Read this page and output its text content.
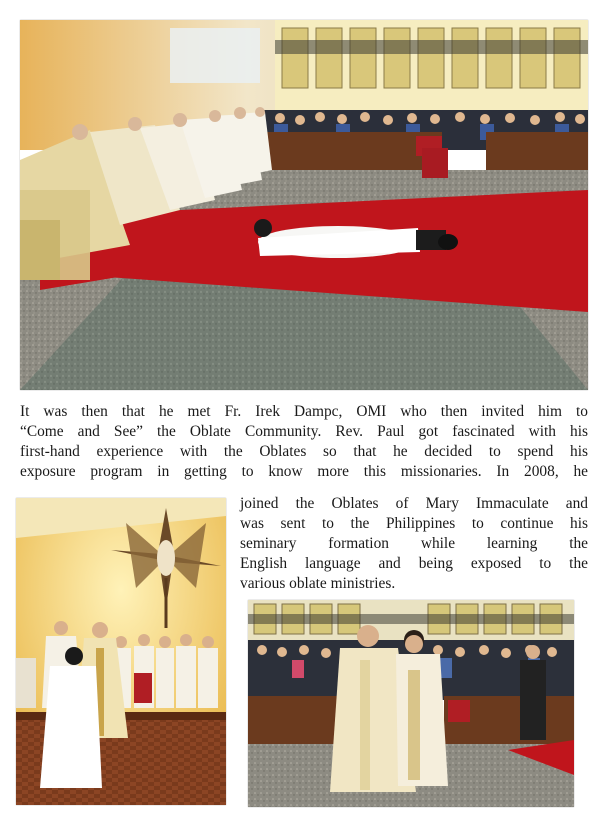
It was then that he met Fr. Irek Dampc, OMI who then invited him to
“Come and See” the Oblate Community. Rev. Paul got fascinated with his
first-hand experience with the Oblates so that he decided to spend his
exposure program in getting to know more this missionaries. In 2008, he

joined the Oblates of Mary Immaculate and
was sent to the Philippines to continue his
seminary formation while learning the
English language and being exposed to the
various oblate ministries.
